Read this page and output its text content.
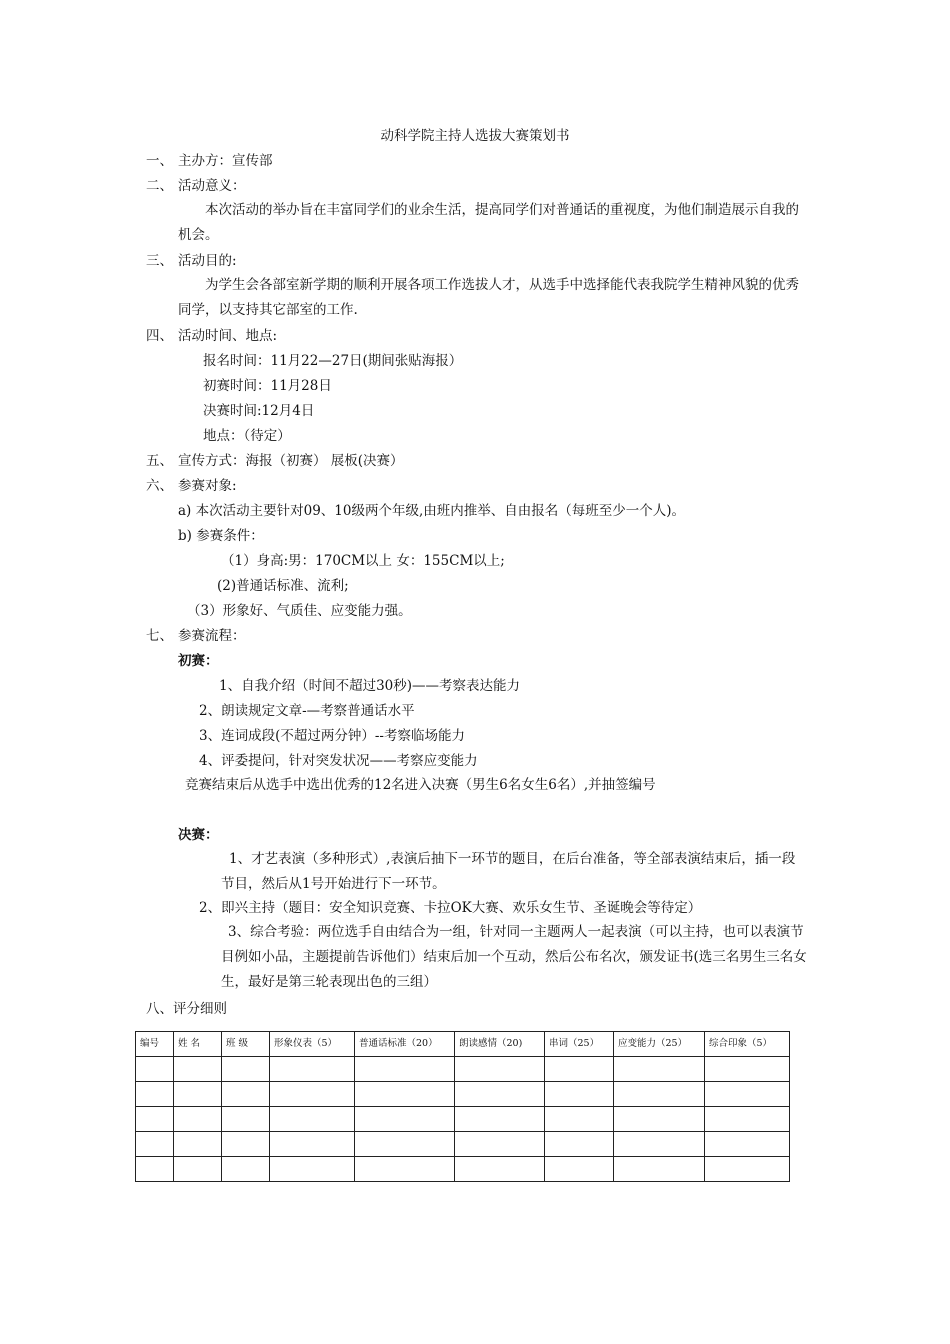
动科学院主持人选拔大赛策划书
一、 主办方：宣传部
二、 活动意义：
本次活动的举办旨在丰富同学们的业余生活，提高同学们对普通话的重视度，为他们制造展示自我的机会。
三、 活动目的:
为学生会各部室新学期的顺利开展各项工作选拔人才，从选手中选择能代表我院学生精神风貌的优秀同学，以支持其它部室的工作.
四、 活动时间、地点:
报名时间：11月22—27日(期间张贴海报）
初赛时间：11月28日
决赛时间:12月4日
地点：（待定）
五、 宣传方式：海报（初赛） 展板(决赛）
六、 参赛对象:
a) 本次活动主要针对09、10级两个年级,由班内推举、自由报名（每班至少一个人)。
b) 参赛条件：
（1）身高:男：170CM以上 女：155CM以上;
(2)普通话标准、流利;
（3）形象好、气质佳、应变能力强。
七、 参赛流程：
初赛：
1、自我介绍（时间不超过30秒)——考察表达能力
2、朗读规定文章-—考察普通话水平
3、连词成段(不超过两分钟）--考察临场能力
4、评委提问，针对突发状况——考察应变能力
竞赛结束后从选手中选出优秀的12名进入决赛（男生6名女生6名）,并抽签编号
决赛：
1、才艺表演（多种形式）,表演后抽下一环节的题目，在后台准备，等全部表演结束后，插一段节目，然后从1号开始进行下一环节。
2、即兴主持（题目：安全知识竞赛、卡拉OK大赛、欢乐女生节、圣诞晚会等待定）
3、综合考验：两位选手自由结合为一组，针对同一主题两人一起表演（可以主持，也可以表演节目例如小品，主题提前告诉他们）结束后加一个互动，然后公布名次，颁发证书(选三名男生三名女生，最好是第三轮表现出色的三组）
八、评分细则
编号	姓 名	班 级	形象仪表（5）	普通话标准（20）	朗读感情（20)	串词（25）	应变能力（25）	综合印象（5）
